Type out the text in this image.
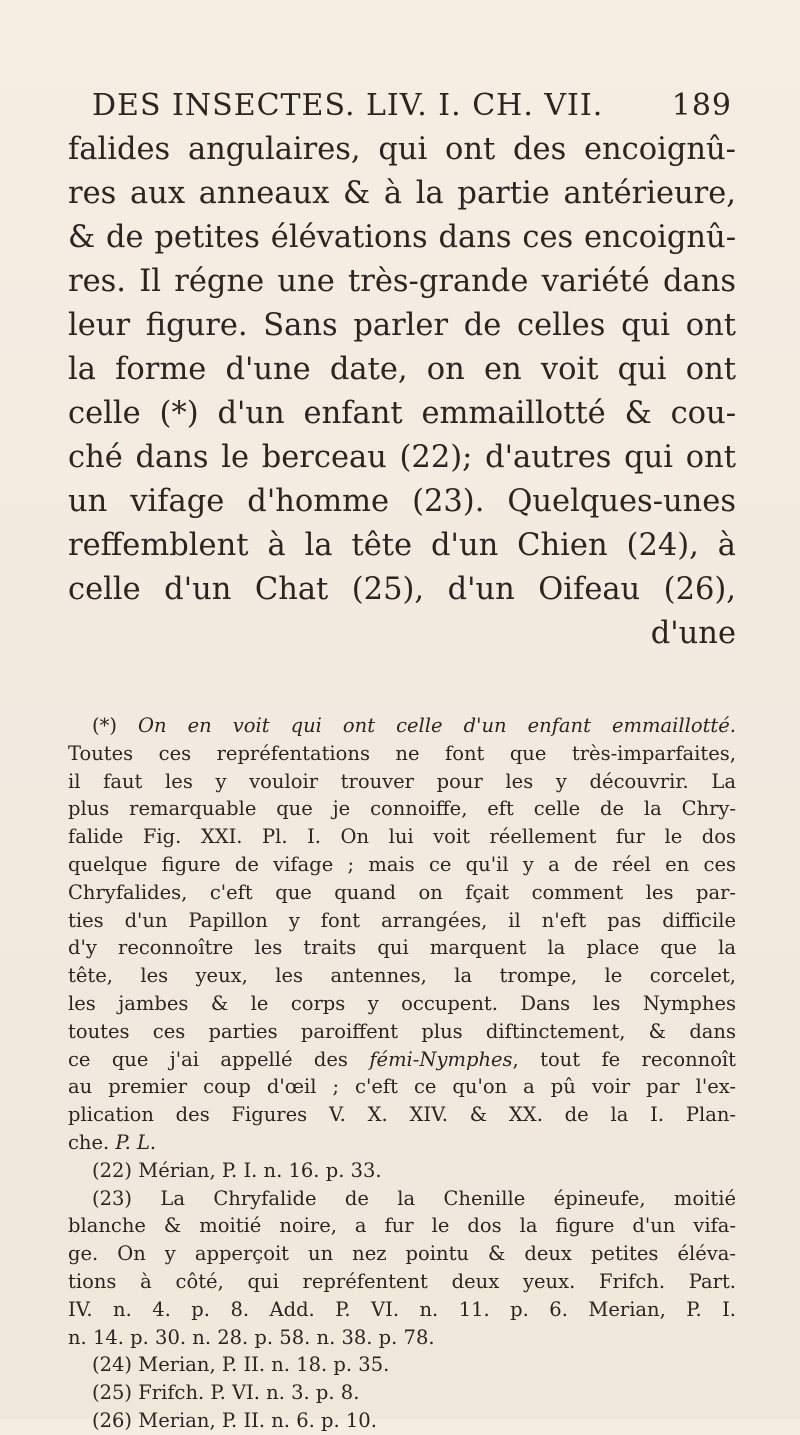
DES INSECTES. LIV. I. CH. VII. 189
falides angulaires, qui ont des encoignû-
res aux anneaux & à la partie antérieure,
& de petites élévations dans ces encoignû-
res. Il régne une très-grande variété dans
leur figure. Sans parler de celles qui ont
la forme d'une date, on en voit qui ont
celle (*) d'un enfant emmaillotté & cou-
ché dans le berceau (22); d'autres qui ont
un vifage d'homme (23). Quelques-unes
reffemblent à la tête d'un Chien (24), à
celle d'un Chat (25), d'un Oifeau (26),
d'une
(*) On en voit qui ont celle d'un enfant emmaillotté.
Toutes ces repréfentations ne font que très-imparfaites,
il faut les y vouloir trouver pour les y découvrir. La
plus remarquable que je connoiffe, eft celle de la Chry-
falide Fig. XXI. Pl. I. On lui voit réellement fur le dos
quelque figure de vifage ; mais ce qu'il y a de réel en ces
Chryfalides, c'eft que quand on fçait comment les par-
ties d'un Papillon y font arrangées, il n'eft pas difficile
d'y reconnoître les traits qui marquent la place que la
tête, les yeux, les antennes, la trompe, le corcelet,
les jambes & le corps y occupent. Dans les Nymphes
toutes ces parties paroiffent plus diftinctement, & dans
ce que j'ai appellé des fémi-Nymphes, tout fe reconnoît
au premier coup d'œil ; c'eft ce qu'on a pû voir par l'ex-
plication des Figures V. X. XIV. & XX. de la I. Plan-
che. P. L.
(22) Mérian, P. I. n. 16. p. 33.
(23) La Chryfalide de la Chenille épineufe, moitié
blanche & moitié noire, a fur le dos la figure d'un vifa-
ge. On y apperçoit un nez pointu & deux petites éléva-
tions à côté, qui repréfentent deux yeux. Frifch. Part.
IV. n. 4. p. 8. Add. P. VI. n. 11. p. 6. Merian, P. I.
n. 14. p. 30. n. 28. p. 58. n. 38. p. 78.
(24) Merian, P. II. n. 18. p. 35.
(25) Frifch. P. VI. n. 3. p. 8.
(26) Merian, P. II. n. 6. p. 10.
